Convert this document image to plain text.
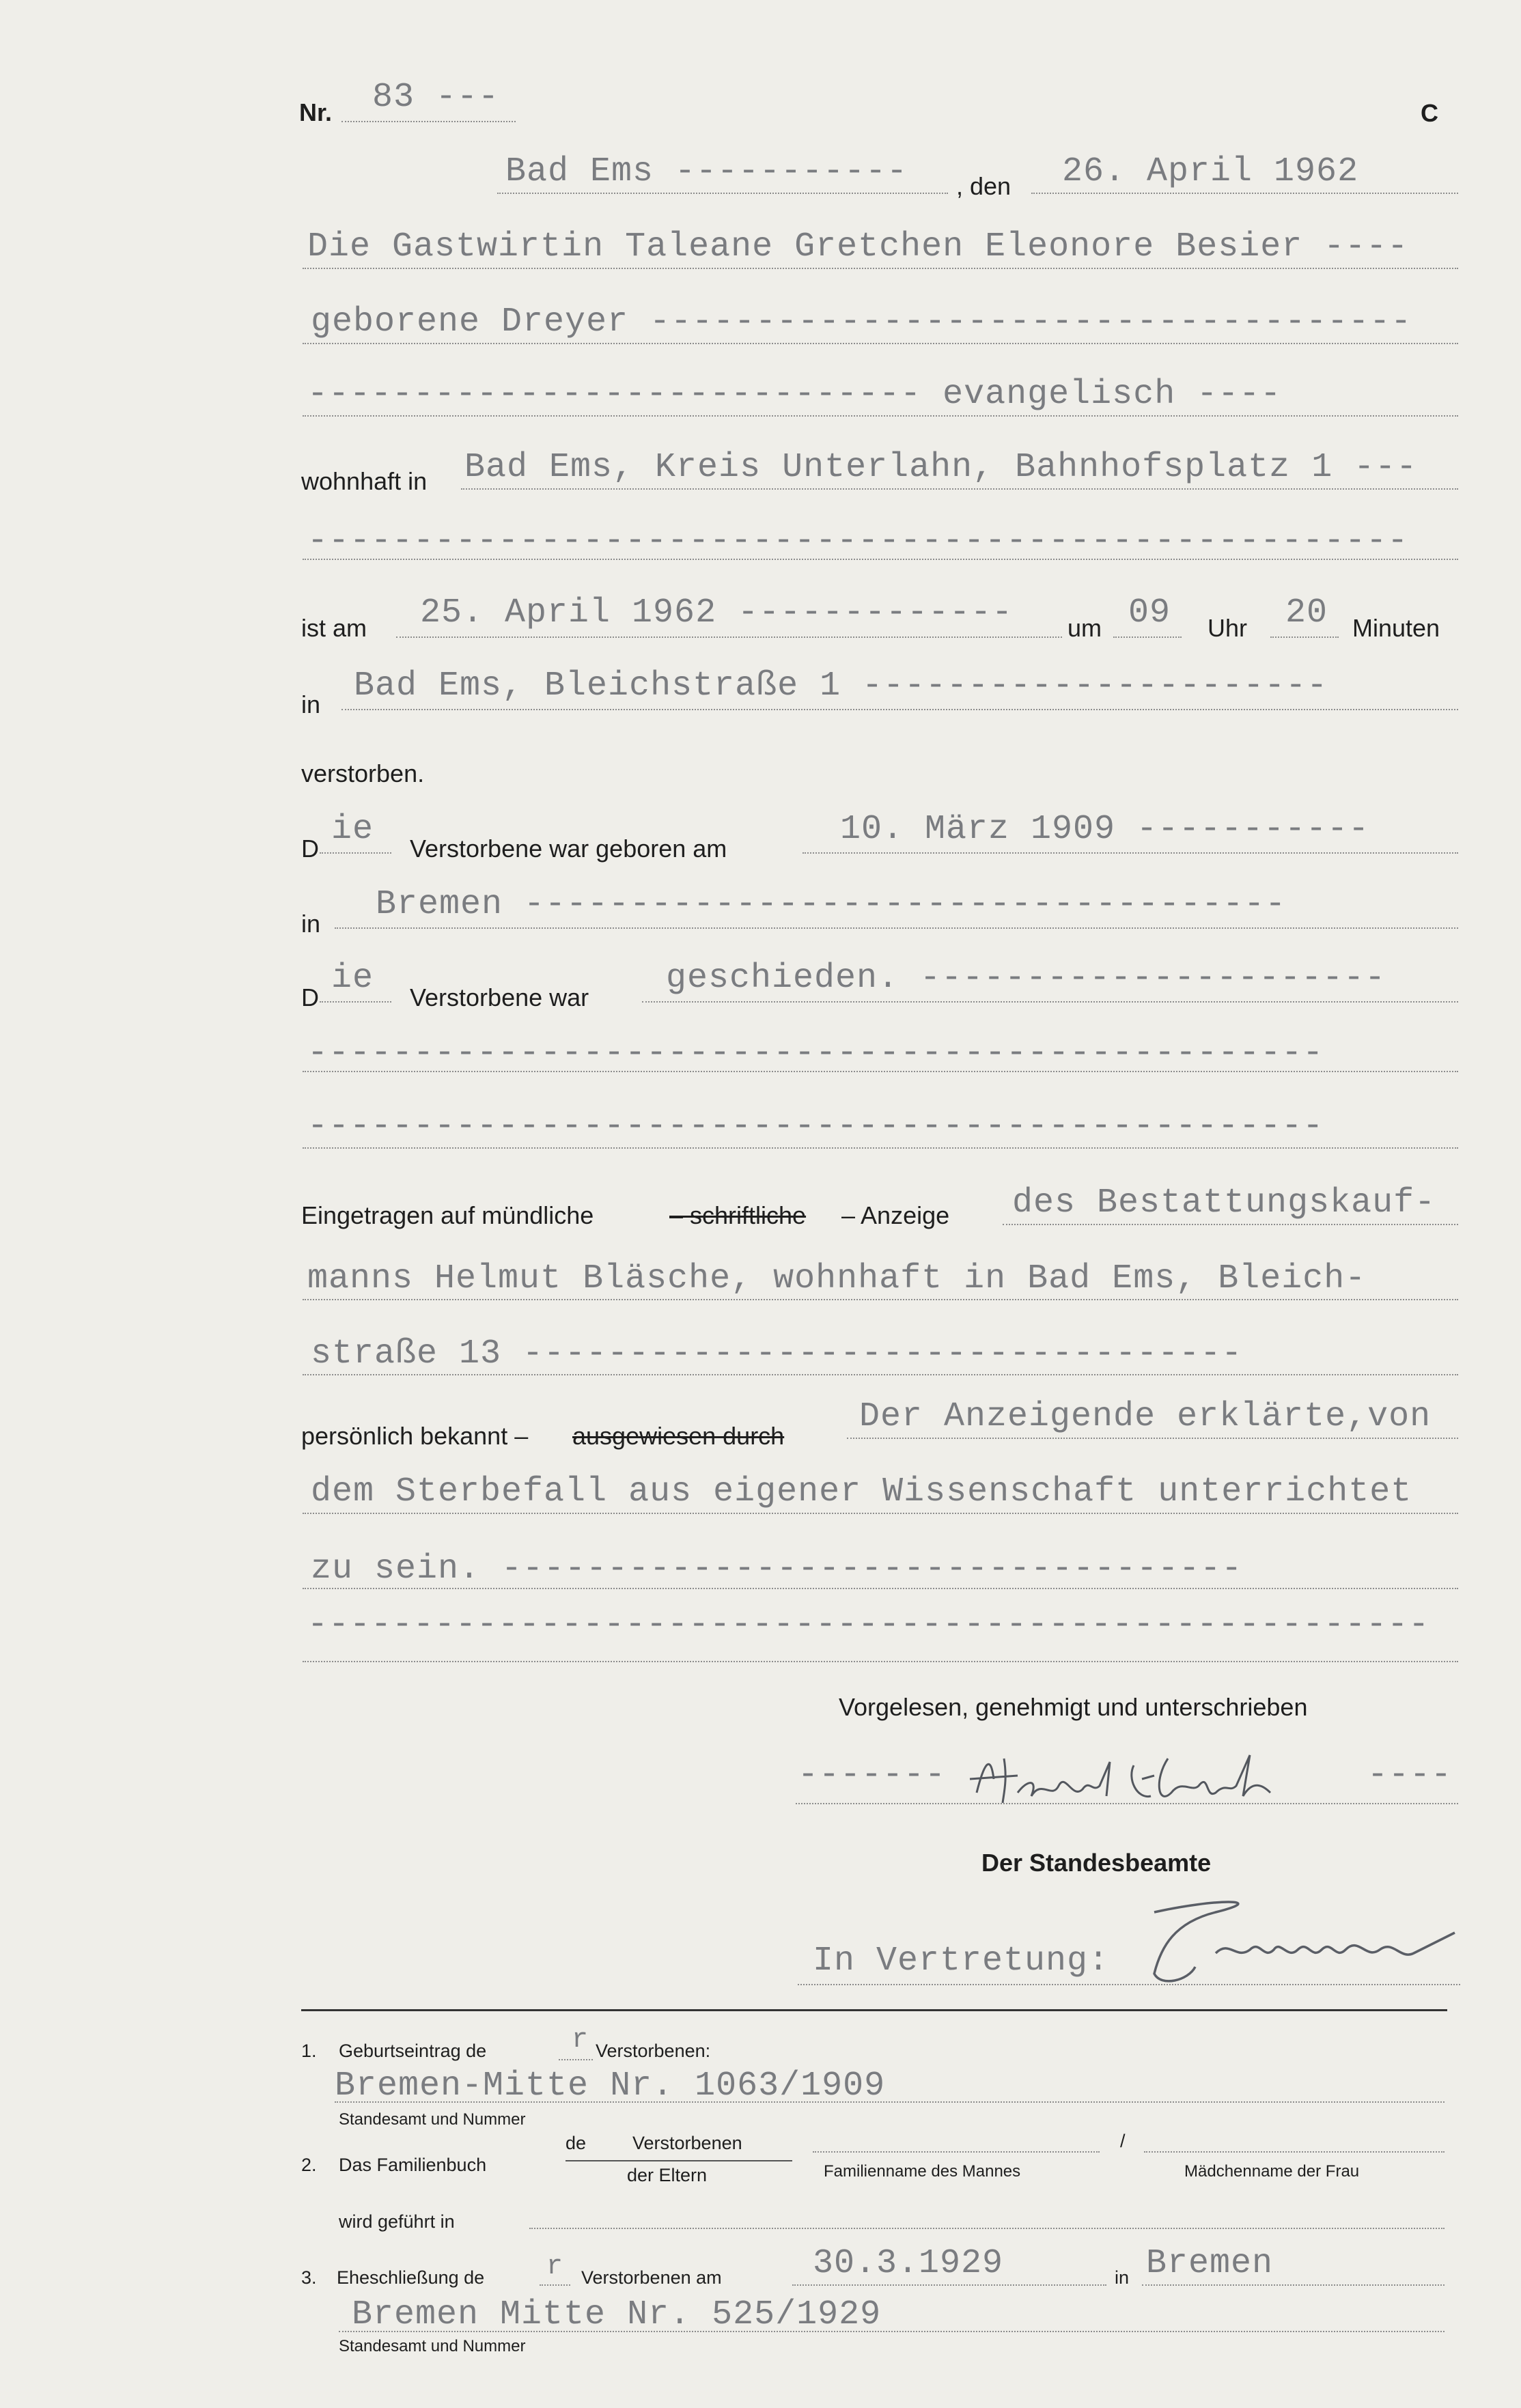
Nr. 83 ---	C
Bad Ems ----------- , den 26. April 1962
Die Gastwirtin Taleane Gretchen Eleonore Besier ----
geborene Dreyer ------------------------------------
----------------------------- evangelisch ----
wohnhaft in Bad Ems, Kreis Unterlahn, Bahnhofsplatz 1 ---
----------------------------------------------------
ist am 25. April 1962 ------------- um 09 Uhr 20 Minuten
in Bad Ems, Bleichstraße 1 ----------------------
verstorben.
D ie Verstorbene war geboren am	10. März 1909 -----------
in Bremen ------------------------------------
D ie Verstorbene war geschieden. ----------------------
------------------------------------------------
------------------------------------------------
Eingetragen auf mündliche	– schriftliche – Anzeige des Bestattungskauf-
manns Helmut Bläsche, wohnhaft in Bad Ems, Bleich-
straße 13 ----------------------------------
persönlich bekannt – ausgewiesen durch Der Anzeigende erklärte,von
dem Sterbefall aus eigener Wissenschaft unterrichtet
zu sein. -----------------------------------
-----------------------------------------------------
Vorgelesen, genehmigt und unterschrieben
-------	----
Der Standesbeamte
In Vertretung:
1. Geburtseintrag de	r Verstorbenen:
Bremen-Mitte Nr. 1063/1909
Standesamt und Nummer
2. Das Familienbuch
de	Verstorbenen
der Eltern	Familienname des Mannes
/
Mädchenname der Frau
wird geführt in
3. Eheschließung de r Verstorbenen am	30.3.1929	in Bremen
Bremen Mitte Nr. 525/1929
Standesamt und Nummer
